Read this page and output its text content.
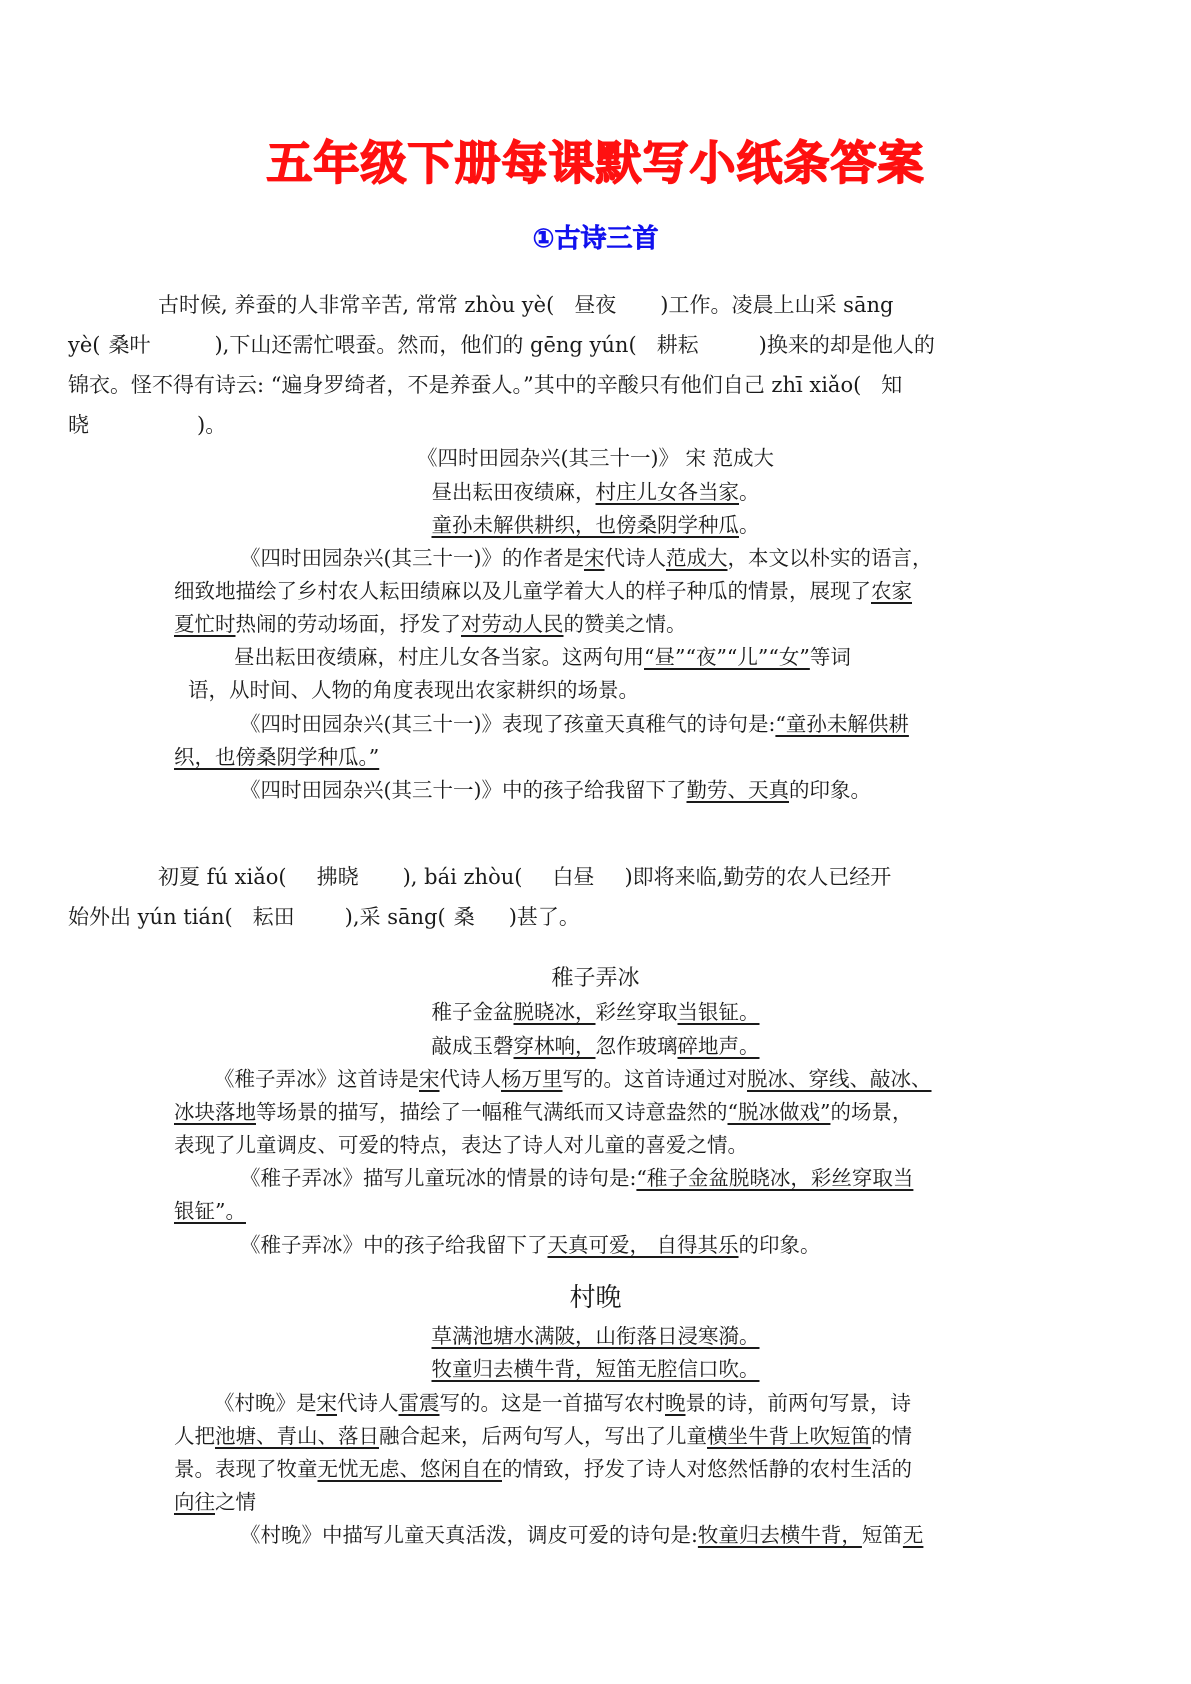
五年级下册每课默写小纸条答案
①古诗三首
古时候, 养蚕的人非常辛苦, 常常 zhòu yè( 昼夜 )工作。凌晨上山采 sāng
yè( 桑叶	),下山还需忙喂蚕。然而，他们的 gēng yún( 耕耘	)换来的却是他人的
锦衣。怪不得有诗云: “遍身罗绮者，不是养蚕人。”其中的辛酸只有他们自己 zhī xiǎo( 知
晓	)。
《四时田园杂兴(其三十一)》 宋 范成大
昼出耘田夜绩麻，村庄儿女各当家。
童孙未解供耕织，也傍桑阴学种瓜。
《四时田园杂兴(其三十一)》的作者是宋代诗人范成大，本文以朴实的语言，
细致地描绘了乡村农人耘田绩麻以及儿童学着大人的样子种瓜的情景，展现了农家
夏忙时热闹的劳动场面，抒发了对劳动人民的赞美之情。
昼出耘田夜绩麻，村庄儿女各当家。这两句用“昼”“夜”“儿”“女”等词
语，从时间、人物的角度表现出农家耕织的场景。
《四时田园杂兴(其三十一)》表现了孩童天真稚气的诗句是:“童孙未解供耕
织，也傍桑阴学种瓜。”
《四时田园杂兴(其三十一)》中的孩子给我留下了勤劳、天真的印象。
初夏 fú xiǎo( 拂晓 ), bái zhòu( 白昼 )即将来临,勤劳的农人已经开
始外出 yún tián( 耘田 ),采 sāng( 桑 )甚了。
稚子弄冰
稚子金盆脱晓冰，彩丝穿取当银钲。
敲成玉磬穿林响，忽作玻璃碎地声。
《稚子弄冰》这首诗是宋代诗人杨万里写的。这首诗通过对脱冰、穿线、敲冰、
冰块落地等场景的描写，描绘了一幅稚气满纸而又诗意盎然的“脱冰做戏”的场景，
表现了儿童调皮、可爱的特点，表达了诗人对儿童的喜爱之情。
《稚子弄冰》描写儿童玩冰的情景的诗句是:“稚子金盆脱晓冰，彩丝穿取当
银钲”。
《稚子弄冰》中的孩子给我留下了天真可爱， 自得其乐的印象。
村晚
草满池塘水满陂，山衔落日浸寒漪。
牧童归去横牛背，短笛无腔信口吹。
《村晚》是宋代诗人雷震写的。这是一首描写农村晚景的诗，前两句写景，诗
人把池塘、青山、落日融合起来，后两句写人，写出了儿童横坐牛背上吹短笛的情
景。表现了牧童无忧无虑、悠闲自在的情致，抒发了诗人对悠然恬静的农村生活的
向往之情
《村晚》中描写儿童天真活泼，调皮可爱的诗句是:牧童归去横牛背，短笛无
